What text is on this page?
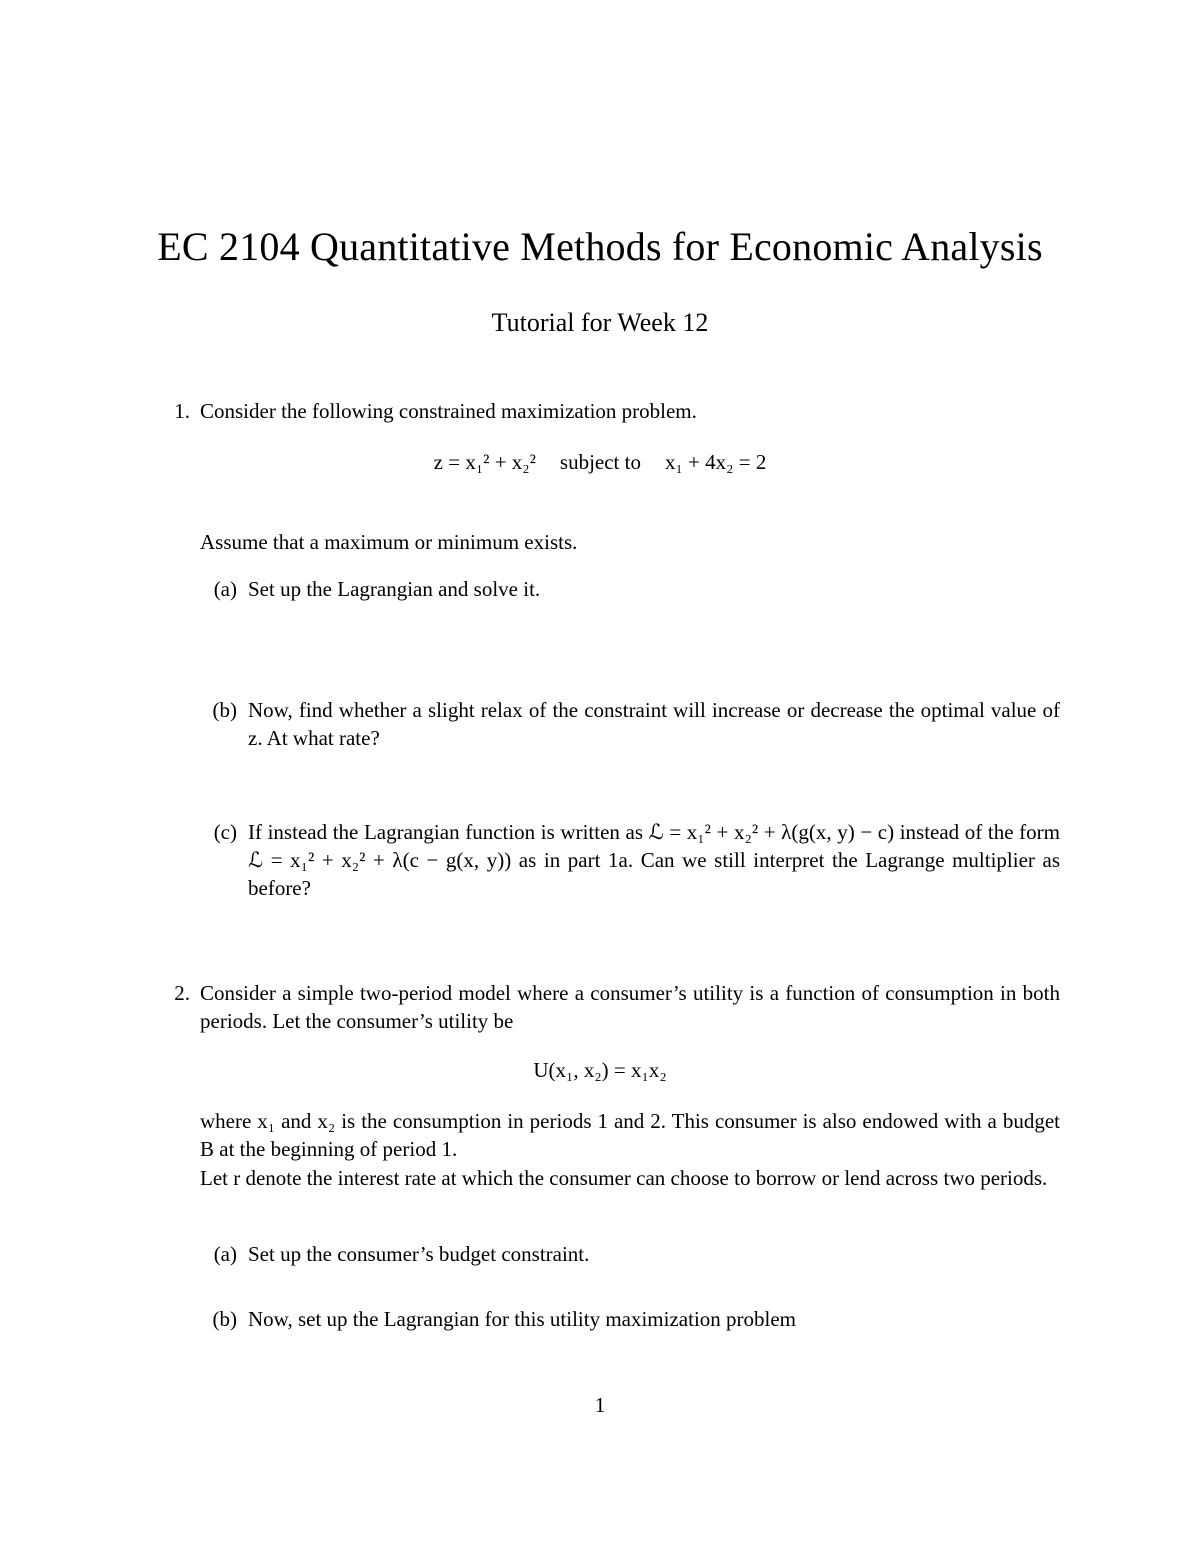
EC 2104 Quantitative Methods for Economic Analysis
Tutorial for Week 12
1. Consider the following constrained maximization problem.
z = x₁² + x₂² subject to x₁ + 4x₂ = 2
Assume that a maximum or minimum exists.
(a) Set up the Lagrangian and solve it.
(b) Now, find whether a slight relax of the constraint will increase or decrease the optimal value of z. At what rate?
(c) If instead the Lagrangian function is written as ℒ = x₁² + x₂² + λ(g(x, y) − c) instead of the form ℒ = x₁² + x₂² + λ(c − g(x, y)) as in part 1a. Can we still interpret the Lagrange multiplier as before?
2. Consider a simple two-period model where a consumer’s utility is a function of consumption in both periods. Let the consumer’s utility be
U(x₁, x₂) = x₁x₂
where x₁ and x₂ is the consumption in periods 1 and 2. This consumer is also endowed with a budget B at the beginning of period 1.
Let r denote the interest rate at which the consumer can choose to borrow or lend across two periods.
(a) Set up the consumer’s budget constraint.
(b) Now, set up the Lagrangian for this utility maximization problem
1
